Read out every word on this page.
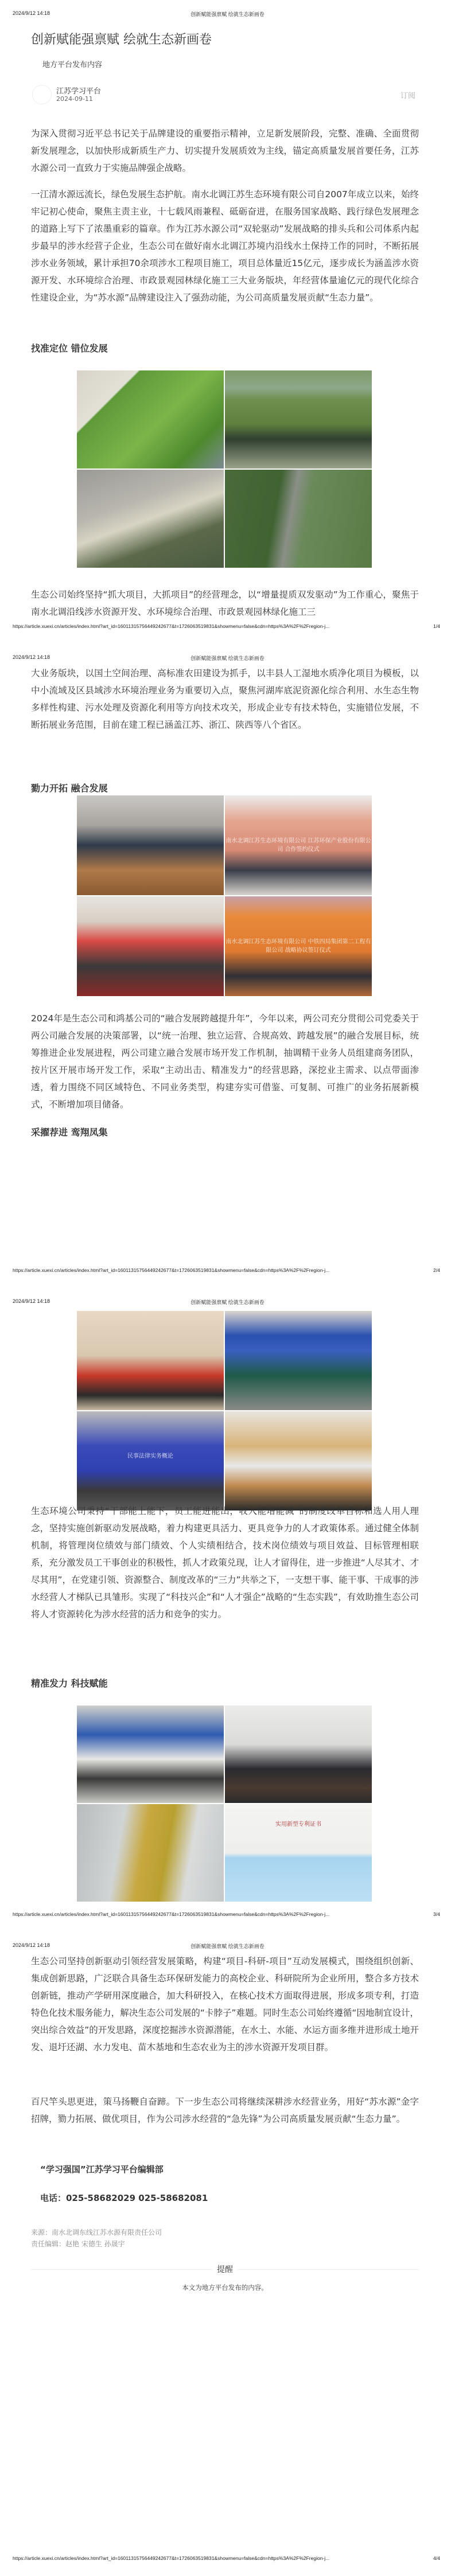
2024/9/12 14:18	创新赋能强禀赋 绘就生态新画卷
创新赋能强禀赋 绘就生态新画卷
地方平台发布内容
江苏学习平台
2024-09-11	订阅

为深入贯彻习近平总书记关于品牌建设的重要指示精神，立足新发展阶段，完整、准确、全面贯彻新发展理念，以加快形成新质生产力、切实提升发展质效为主线，锚定高质量发展首要任务，江苏水源公司一直致力于实施品牌强企战略。

一江清水源远流长，绿色发展生态护航。南水北调江苏生态环境有限公司自2007年成立以来，始终牢记初心使命，聚焦主责主业，十七载风雨兼程、砥砺奋进，在服务国家战略、践行绿色发展理念的道路上写下了浓墨重彩的篇章。作为江苏水源公司“双轮驱动”发展战略的排头兵和公司体系内起步最早的涉水经营子企业，生态公司在做好南水北调江苏境内沿线水土保持工作的同时，不断拓展涉水业务领域，累计承担70余项涉水工程项目施工，项目总体量近15亿元，逐步成长为涵盖涉水资源开发、水环境综合治理、市政景观园林绿化施工三大业务版块，年经营体量逾亿元的现代化综合性建设企业，为“苏水源”品牌建设注入了强劲动能，为公司高质量发展贡献“生态力量”。

找准定位 错位发展

生态公司始终坚持“抓大项目，大抓项目”的经营理念，以“增量提质双发驱动”为工作重心，聚焦于南水北调沿线涉水资源开发、水环境综合治理、市政景观园林绿化施工三

https://article.xuexi.cn/articles/index.html?art_id=16011315756449242677&t=1726063519831&showmenu=false&cdn=https%3A%2F%2Fregion-j...	1/4
2024/9/12 14:18	创新赋能强禀赋 绘就生态新画卷

大业务版块，以国土空间治理、高标准农田建设为抓手，以丰县人工湿地水质净化项目为模板，以中小流域及区县域涉水环境治理业务为重要切入点，聚焦河湖库底泥资源化综合利用、水生态生物多样性构建、污水处理及资源化利用等方向技术攻关，形成企业专有技术特色，实施错位发展，不断拓展业务范围，目前在建工程已涵盖江苏、浙江、陕西等八个省区。

勠力开拓 融合发展
南水北调江苏生态环境有限公司 江苏环保产业股份有限公司 合作签约仪式
南水北调江苏生态环境有限公司 中铁四局集团第二工程有限公司 战略协议签订仪式

2024年是生态公司和鸿基公司的“融合发展跨越提升年”，今年以来，两公司充分贯彻公司党委关于两公司融合发展的决策部署，以“统一治理、独立运营、合规高效、跨越发展”的融合发展目标，统筹推进企业发展进程，两公司建立融合发展市场开发工作机制，抽调精干业务人员组建商务团队，按片区开展市场开发工作，采取“主动出击、精准发力”的经营思路，深挖业主需求、以点带面渗透，着力围绕不同区域特色、不同业务类型，构建夯实可借鉴、可复制、可推广的业务拓展新模式，不断增加项目储备。

采擢荐进 鸾翔凤集
https://article.xuexi.cn/articles/index.html?art_id=16011315756449242677&t=1726063519831&showmenu=false&cdn=https%3A%2F%2Fregion-j...	2/4
2024/9/12 14:18	创新赋能强禀赋 绘就生态新画卷
民事法律实务概论

生态环境公司秉持“干部能上能下，员工能进能出，收入能增能减”的制度改革目标和选人用人理念，坚持实施创新驱动发展战略，着力构建更具活力、更具竞争力的人才政策体系。通过健全体制机制，将管理岗位绩效与部门绩效、个人实绩相结合，技术岗位绩效与项目效益、目标管理相联系，充分激发员工干事创业的积极性，抓人才政策兑现，让人才留得住，进一步推进“人尽其才、才尽其用”，在党建引领、资源整合、制度改革的“三力”共举之下，一支想干事、能干事、干成事的涉水经营人才梯队已具雏形。实现了“科技兴企”和“人才强企”战略的“生态实践”，有效助推生态公司将人才资源转化为涉水经营的活力和竞争的实力。

精准发力 科技赋能
实用新型专利证书
https://article.xuexi.cn/articles/index.html?art_id=16011315756449242677&t=1726063519831&showmenu=false&cdn=https%3A%2F%2Fregion-j...	3/4
2024/9/12 14:18	创新赋能强禀赋 绘就生态新画卷

生态公司坚持创新驱动引领经营发展策略，构建“项目-科研-项目”互动发展模式，围绕组织创新、集成创新思路，广泛联合具备生态环保研发能力的高校企业、科研院所为企业所用，整合多方技术创新链，推动产学研用深度融合，加大科研投入，在核心技术方面取得进展，形成多项专利，打造特色化技术服务能力，解决生态公司发展的“卡脖子”难题。同时生态公司始终遵循“因地制宜设计，突出综合效益”的开发思路，深度挖掘涉水资源潜能，在水土、水能、水运方面多维并进形成土地开发、退圩还湖、水力发电、苗木基地和生态农业为主的涉水资源开发项目群。

百尺竿头思更进，策马扬鞭自奋蹄。下一步生态公司将继续深耕涉水经营业务，用好“苏水源”金字招牌，勠力拓展、做优项目，作为公司涉水经营的“急先锋”为公司高质量发展贡献“生态力量”。

“学习强国”江苏学习平台编辑部
电话：025-58682029 025-58682081
来源：南水北调东线江苏水源有限责任公司
责任编辑：赵艳 宋德生 孙晟宇
提醒
本文为地方平台发布的内容。
https://article.xuexi.cn/articles/index.html?art_id=16011315756449242677&t=1726063519831&showmenu=false&cdn=https%3A%2F%2Fregion-j...	4/4
